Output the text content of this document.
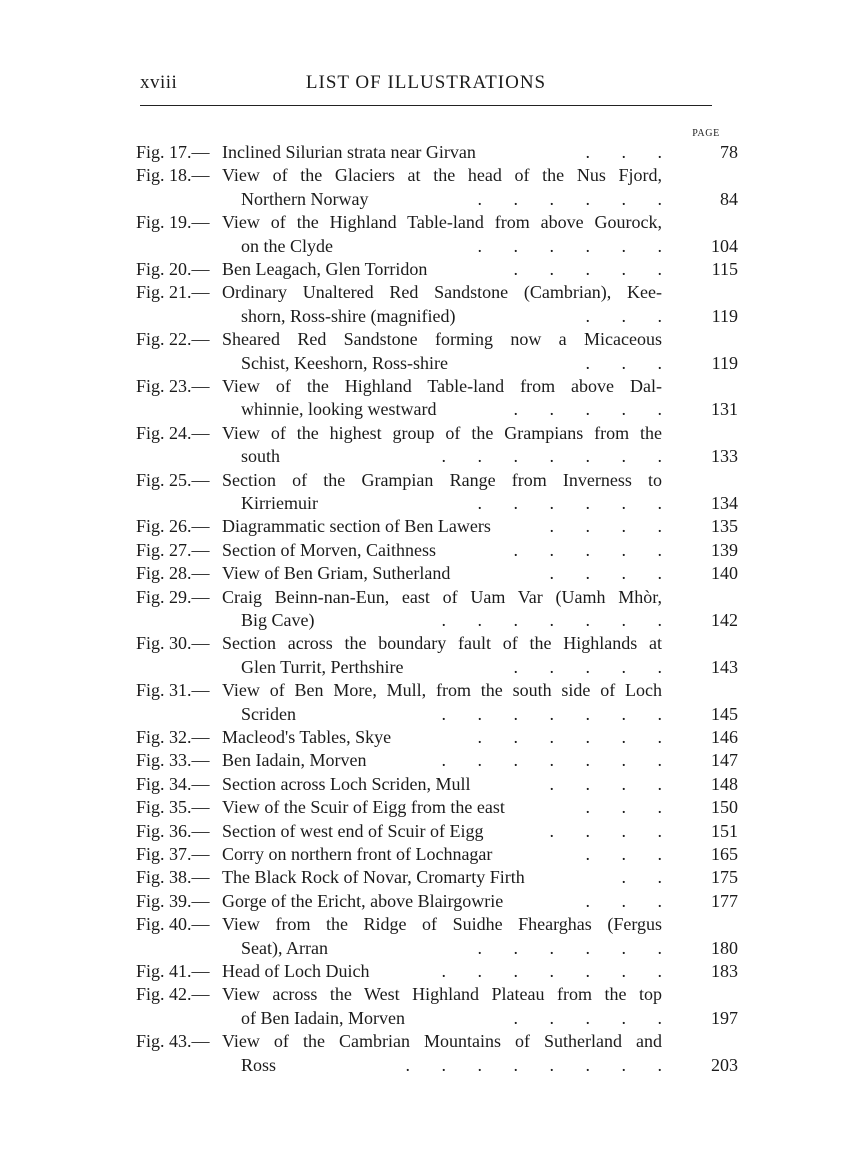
xviii	LIST OF ILLUSTRATIONS
PAGE
Fig. 17.— Inclined Silurian strata near Girvan	.       .       .	78
Fig. 18.— View of the Glaciers at the head of the Nus Fjord,
Northern Norway	.       .       .       .       .       .	84
Fig. 19.— View of the Highland Table-land from above Gourock,
on the Clyde	.       .       .       .       .       .	104
Fig. 20.— Ben Leagach, Glen Torridon	.       .       .       .       .	115
Fig. 21.— Ordinary Unaltered Red Sandstone (Cambrian), Kee-
shorn, Ross-shire (magnified)	.       .       .	119
Fig. 22.— Sheared Red Sandstone forming now a Micaceous
Schist, Keeshorn, Ross-shire	.       .       .	119
Fig. 23.— View of the Highland Table-land from above Dal-
whinnie, looking westward	.       .       .       .       .	131
Fig. 24.— View of the highest group of the Grampians from the
south	.       .       .       .       .       .       .	133
Fig. 25.— Section of the Grampian Range from Inverness to
Kirriemuir	.       .       .       .       .       .	134
Fig. 26.— Diagrammatic section of Ben Lawers	.       .       .       .	135
Fig. 27.— Section of Morven, Caithness	.       .       .       .       .	139
Fig. 28.— View of Ben Griam, Sutherland	.       .       .       .	140
Fig. 29.— Craig Beinn-nan-Eun, east of Uam Var (Uamh Mhòr,
Big Cave)	.       .       .       .       .       .       .	142
Fig. 30.— Section across the boundary fault of the Highlands at
Glen Turrit, Perthshire	.       .       .       .       .	143
Fig. 31.— View of Ben More, Mull, from the south side of Loch
Scriden	.       .       .       .       .       .       .	145
Fig. 32.— Macleod's Tables, Skye	.       .       .       .       .       .	146
Fig. 33.— Ben Iadain, Morven	.       .       .       .       .       .       .	147
Fig. 34.— Section across Loch Scriden, Mull	.       .       .       .	148
Fig. 35.— View of the Scuir of Eigg from the east	.       .       .	150
Fig. 36.— Section of west end of Scuir of Eigg	.       .       .       .	151
Fig. 37.— Corry on northern front of Lochnagar	.       .       .	165
Fig. 38.— The Black Rock of Novar, Cromarty Firth	.       .	175
Fig. 39.— Gorge of the Ericht, above Blairgowrie	.       .       .	177
Fig. 40.— View from the Ridge of Suidhe Fhearghas (Fergus
Seat), Arran	.       .       .       .       .       .	180
Fig. 41.— Head of Loch Duich	.       .       .       .       .       .       .	183
Fig. 42.— View across the West Highland Plateau from the top
of Ben Iadain, Morven	.       .       .       .       .	197
Fig. 43.— View of the Cambrian Mountains of Sutherland and
Ross	.       .       .       .       .       .       .       .	203
